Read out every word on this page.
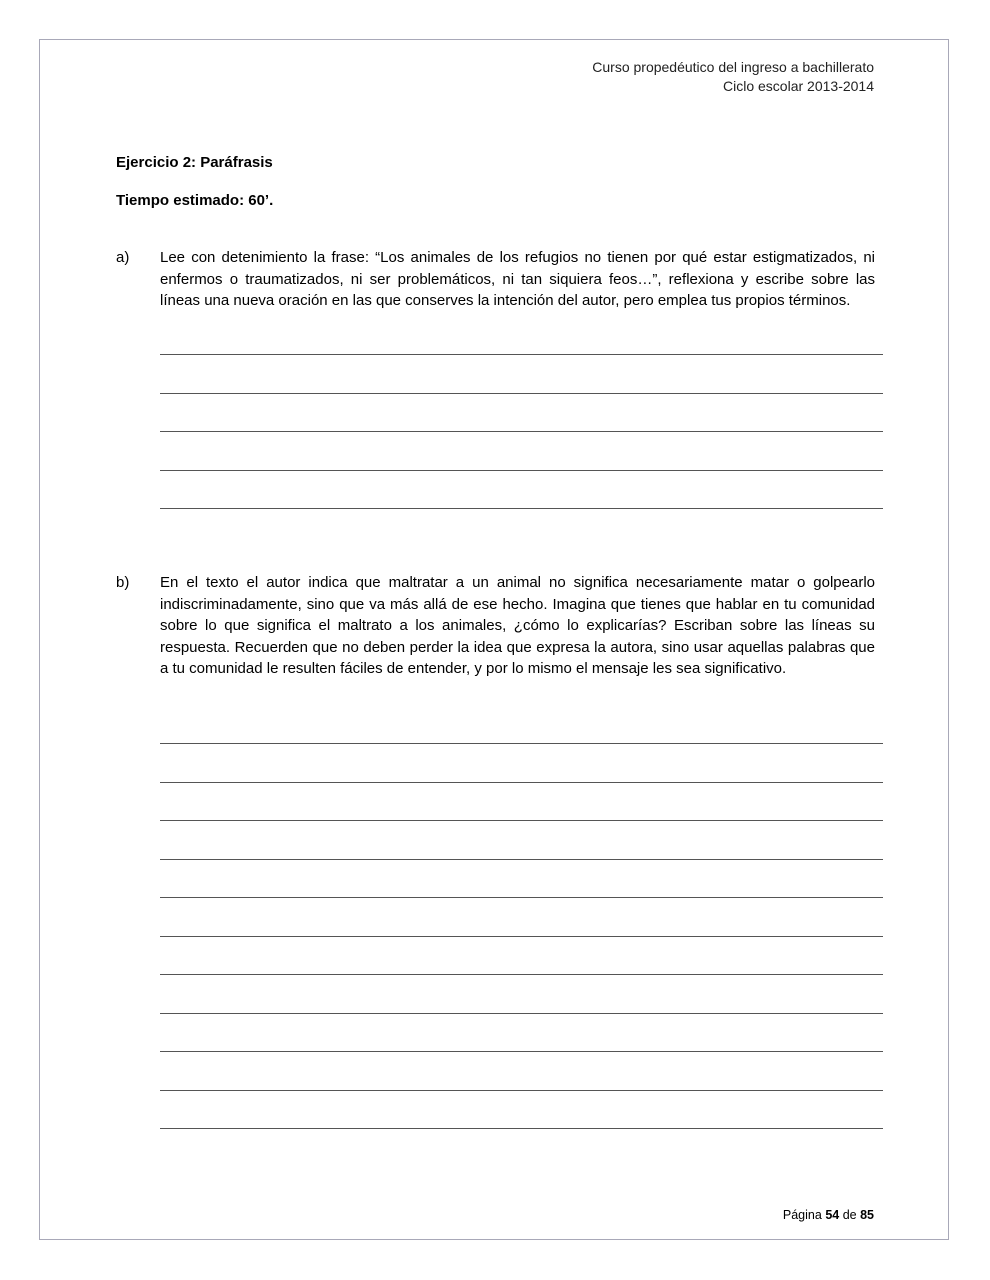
Curso propedéutico del ingreso a bachillerato
Ciclo escolar 2013-2014
Ejercicio 2: Paráfrasis
Tiempo estimado: 60’.
a) Lee con detenimiento la frase: “Los animales de los refugios no tienen por qué estar estigmatizados, ni enfermos o traumatizados, ni ser problemáticos, ni tan siquiera feos…”, reflexiona y escribe sobre las líneas una nueva oración en las que conserves la intención del autor, pero emplea tus propios términos.
b) En el texto el autor indica que maltratar a un animal no significa necesariamente matar o golpearlo indiscriminadamente, sino que va más allá de ese hecho. Imagina que tienes que hablar en tu comunidad sobre lo que significa el maltrato a los animales, ¿cómo lo explicarías? Escriban sobre las líneas su respuesta. Recuerden que no deben perder la idea que expresa la autora, sino usar aquellas palabras que a tu comunidad le resulten fáciles de entender, y por lo mismo el mensaje les sea significativo.
Página 54 de 85
